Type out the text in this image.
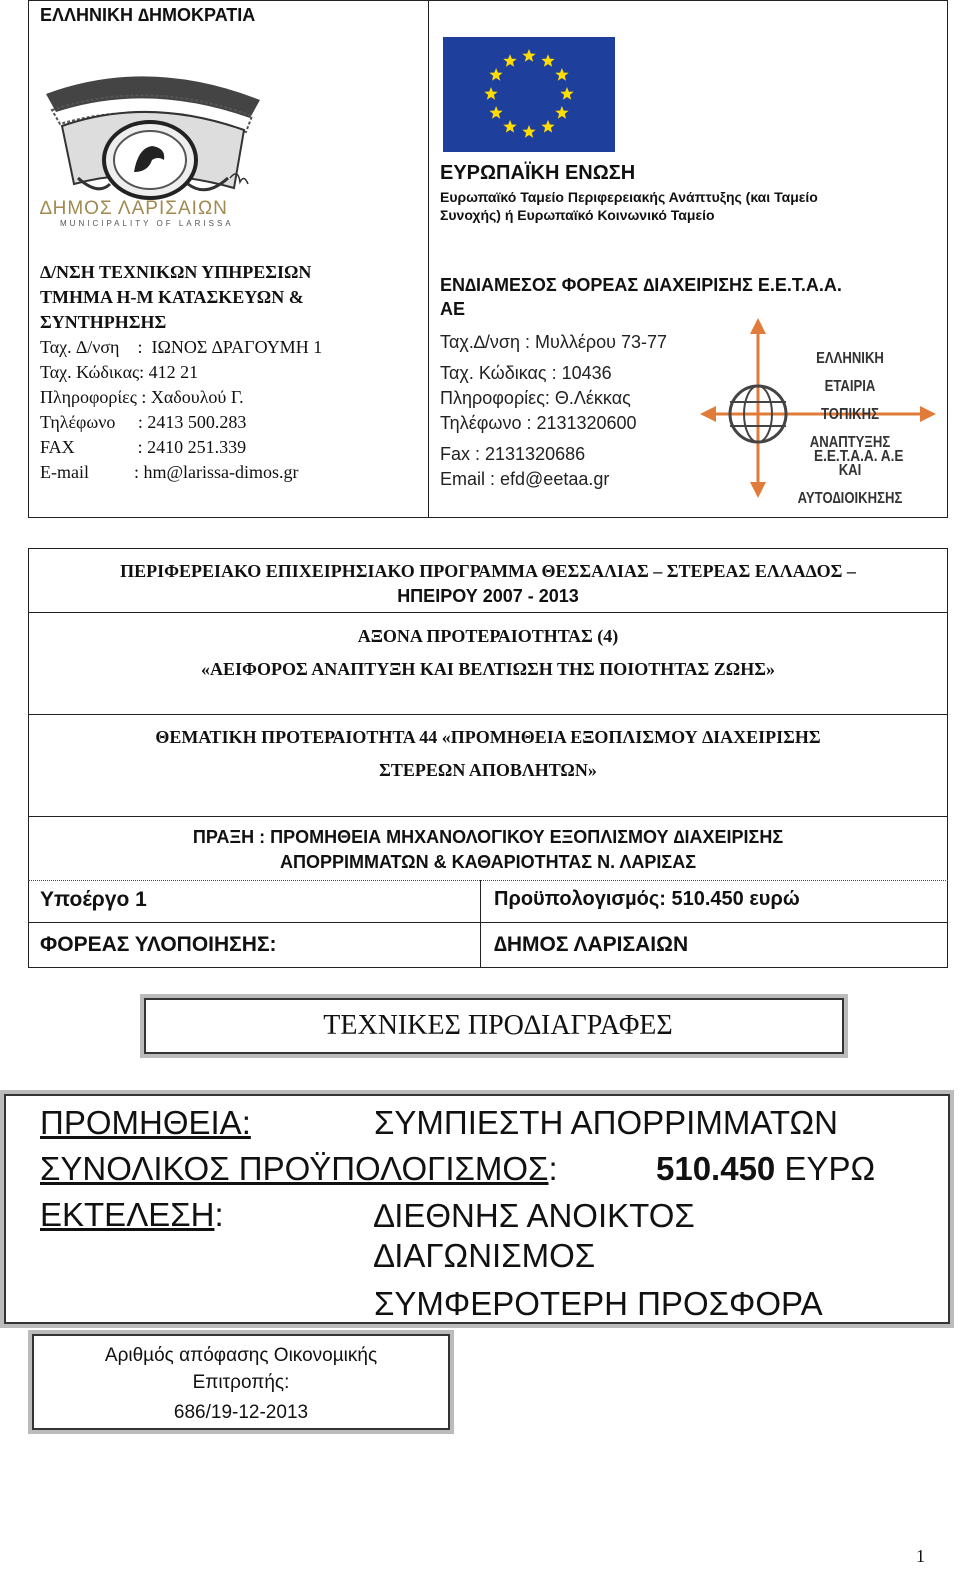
ΕΛΛΗΝΙΚΗ ∆ΗΜΟΚΡΑΤΙΑ
∆ΗΜΟΣ ΛΑΡΙΣΑΙΩΝ
MUNICIPALITY OF LARISSA
∆/ΝΣΗ ΤΕΧΝΙΚΩΝ ΥΠΗΡΕΣΙΩΝ
ΤΜΗΜΑ Η-Μ ΚΑΤΑΣΚΕΥΩΝ &
ΣΥΝΤΗΡΗΣΗΣ
Ταχ. ∆/νση    :  ΙΩΝΟΣ ∆ΡΑΓΟΥΜΗ 1
Ταχ. Κώδικας: 412 21
Πληροφορίες : Χαδουλού Γ.
Τηλέφωνο     : 2413 500.283
FAX              : 2410 251.339
E-mail          : hm@larissa-dimos.gr
ΕΥΡΩΠΑΪΚΗ ΕΝΩΣΗ
Ευρωπαϊκό Ταμείο Περιφερειακής Ανάπτυξης (και Ταμείο
Συνοχής) ή Ευρωπαϊκό Κοινωνικό Ταμείο
ΕΝ∆ΙΑΜΕΣΟΣ ΦΟΡΕΑΣ ∆ΙΑΧΕΙΡΙΣΗΣ Ε.Ε.Τ.Α.Α.
ΑΕ
Ταχ.∆/νση : Μυλλέρου 73-77
Ταχ. Κώδικας : 10436
Πληροφορίες: Θ.Λέκκας
Τηλέφωνο : 2131320600
Fax : 2131320686
Email : efd@eetaa.gr
ΕΛΛΗΝΙΚΗ ΕΤΑΙΡΙΑ
ΤΟΠΙΚΗΣ ΑΝΑΠΤΥΞΗΣ
ΚΑΙ ΑΥΤΟ∆ΙΟΙΚΗΣΗΣ
Ε.Ε.Τ.Α.Α. Α.Ε
ΠΕΡΙΦΕΡΕΙΑΚΟ ΕΠΙΧΕΙΡΗΣΙΑΚΟ ΠΡΟΓΡΑΜΜΑ ΘΕΣΣΑΛΙΑΣ – ΣΤΕΡΕΑΣ ΕΛΛΑ∆ΟΣ –
ΗΠΕΙΡΟΥ 2007 - 2013
ΑΞΟΝΑ ΠΡΟΤΕΡΑΙΟΤΗΤΑΣ (4)
«ΑΕΙΦΟΡΟΣ ΑΝΑΠΤΥΞΗ ΚΑΙ ΒΕΛΤΙΩΣΗ ΤΗΣ ΠΟΙΟΤΗΤΑΣ ΖΩΗΣ»
ΘΕΜΑΤΙΚΗ ΠΡΟΤΕΡΑΙΟΤΗΤΑ 44 «ΠΡΟΜΗΘΕΙΑ ΕΞΟΠΛΙΣΜΟΥ ∆ΙΑΧΕΙΡΙΣΗΣ
ΣΤΕΡΕΩΝ ΑΠΟΒΛΗΤΩΝ»
ΠΡΑΞΗ : ΠΡΟΜΗΘΕΙΑ ΜΗΧΑΝΟΛΟΓΙΚΟΥ ΕΞΟΠΛΙΣΜΟΥ ∆ΙΑΧΕΙΡΙΣΗΣ
ΑΠΟΡΡΙΜΜΑΤΩΝ & ΚΑΘΑΡΙΟΤΗΤΑΣ Ν. ΛΑΡΙΣΑΣ
Υποέργο 1	Προϋπολογισµός: 510.450 ευρώ
ΦΟΡΕΑΣ ΥΛΟΠΟΙΗΣΗΣ:	∆ΗΜΟΣ ΛΑΡΙΣΑΙΩΝ
ΤΕΧΝΙΚΕΣ ΠΡΟ∆ΙΑΓΡΑΦΕΣ
ΠΡΟΜΗΘΕΙΑ:	ΣΥΜΠΙΕΣΤΗ ΑΠΟΡΡΙΜΜΑΤΩΝ
ΣΥΝΟΛΙΚΟΣ ΠΡΟΫΠΟΛΟΓΙΣΜΟΣ:	510.450 ΕΥΡΩ
ΕΚΤΕΛΕΣΗ:	∆ΙΕΘΝΗΣ ΑΝΟΙΚΤΟΣ
∆ΙΑΓΩΝΙΣΜΟΣ
ΣΥΜΦΕΡΟΤΕΡΗ ΠΡΟΣΦΟΡΑ
Αριθµός απόφασης Οικονοµικής
Επιτροπής:
686/19-12-2013
1
